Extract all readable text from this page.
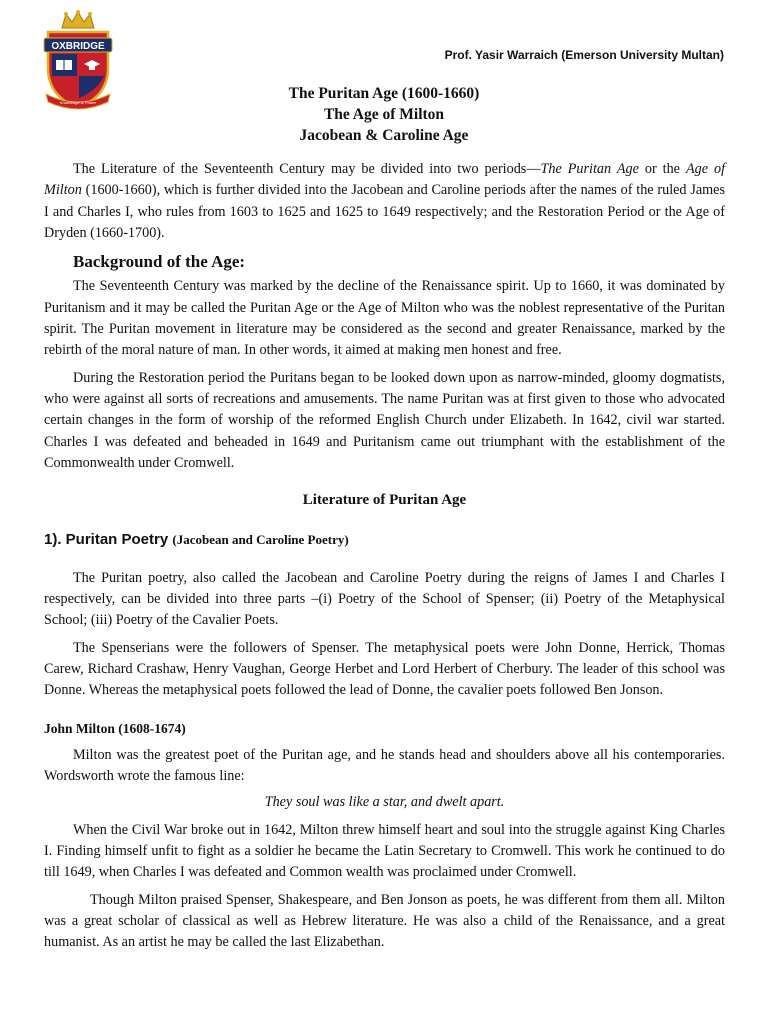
OXBRIDGE
Knowledge is Power
Prof. Yasir Warraich (Emerson University Multan)
The Puritan Age (1600-1660)
The Age of Milton
Jacobean & Caroline Age

The Literature of the Seventeenth Century may be divided into two periods—The Puritan Age or the Age of Milton (1600-1660), which is further divided into the Jacobean and Caroline periods after the names of the ruled James I and Charles I, who rules from 1603 to 1625 and 1625 to 1649 respectively; and the Restoration Period or the Age of Dryden (1660-1700).

Background of the Age:

The Seventeenth Century was marked by the decline of the Renaissance spirit. Up to 1660, it was dominated by Puritanism and it may be called the Puritan Age or the Age of Milton who was the noblest representative of the Puritan spirit. The Puritan movement in literature may be considered as the second and greater Renaissance, marked by the rebirth of the moral nature of man. In other words, it aimed at making men honest and free.

During the Restoration period the Puritans began to be looked down upon as narrow-minded, gloomy dogmatists, who were against all sorts of recreations and amusements. The name Puritan was at first given to those who advocated certain changes in the form of worship of the reformed English Church under Elizabeth. In 1642, civil war started. Charles I was defeated and beheaded in 1649 and Puritanism came out triumphant with the establishment of the Commonwealth under Cromwell.

Literature of Puritan Age
1). Puritan Poetry (Jacobean and Caroline Poetry)

The Puritan poetry, also called the Jacobean and Caroline Poetry during the reigns of James I and Charles I respectively, can be divided into three parts –(i) Poetry of the School of Spenser; (ii) Poetry of the Metaphysical School; (iii) Poetry of the Cavalier Poets.

The Spenserians were the followers of Spenser. The metaphysical poets were John Donne, Herrick, Thomas Carew, Richard Crashaw, Henry Vaughan, George Herbet and Lord Herbert of Cherbury. The leader of this school was Donne. Whereas the metaphysical poets followed the lead of Donne, the cavalier poets followed Ben Jonson.

John Milton (1608-1674)

Milton was the greatest poet of the Puritan age, and he stands head and shoulders above all his contemporaries. Wordsworth wrote the famous line:

They soul was like a star, and dwelt apart.

When the Civil War broke out in 1642, Milton threw himself heart and soul into the struggle against King Charles I. Finding himself unfit to fight as a soldier he became the Latin Secretary to Cromwell. This work he continued to do till 1649, when Charles I was defeated and Common wealth was proclaimed under Cromwell.

Though Milton praised Spenser, Shakespeare, and Ben Jonson as poets, he was different from them all. Milton was a great scholar of classical as well as Hebrew literature. He was also a child of the Renaissance, and a great humanist. As an artist he may be called the last Elizabethan.
